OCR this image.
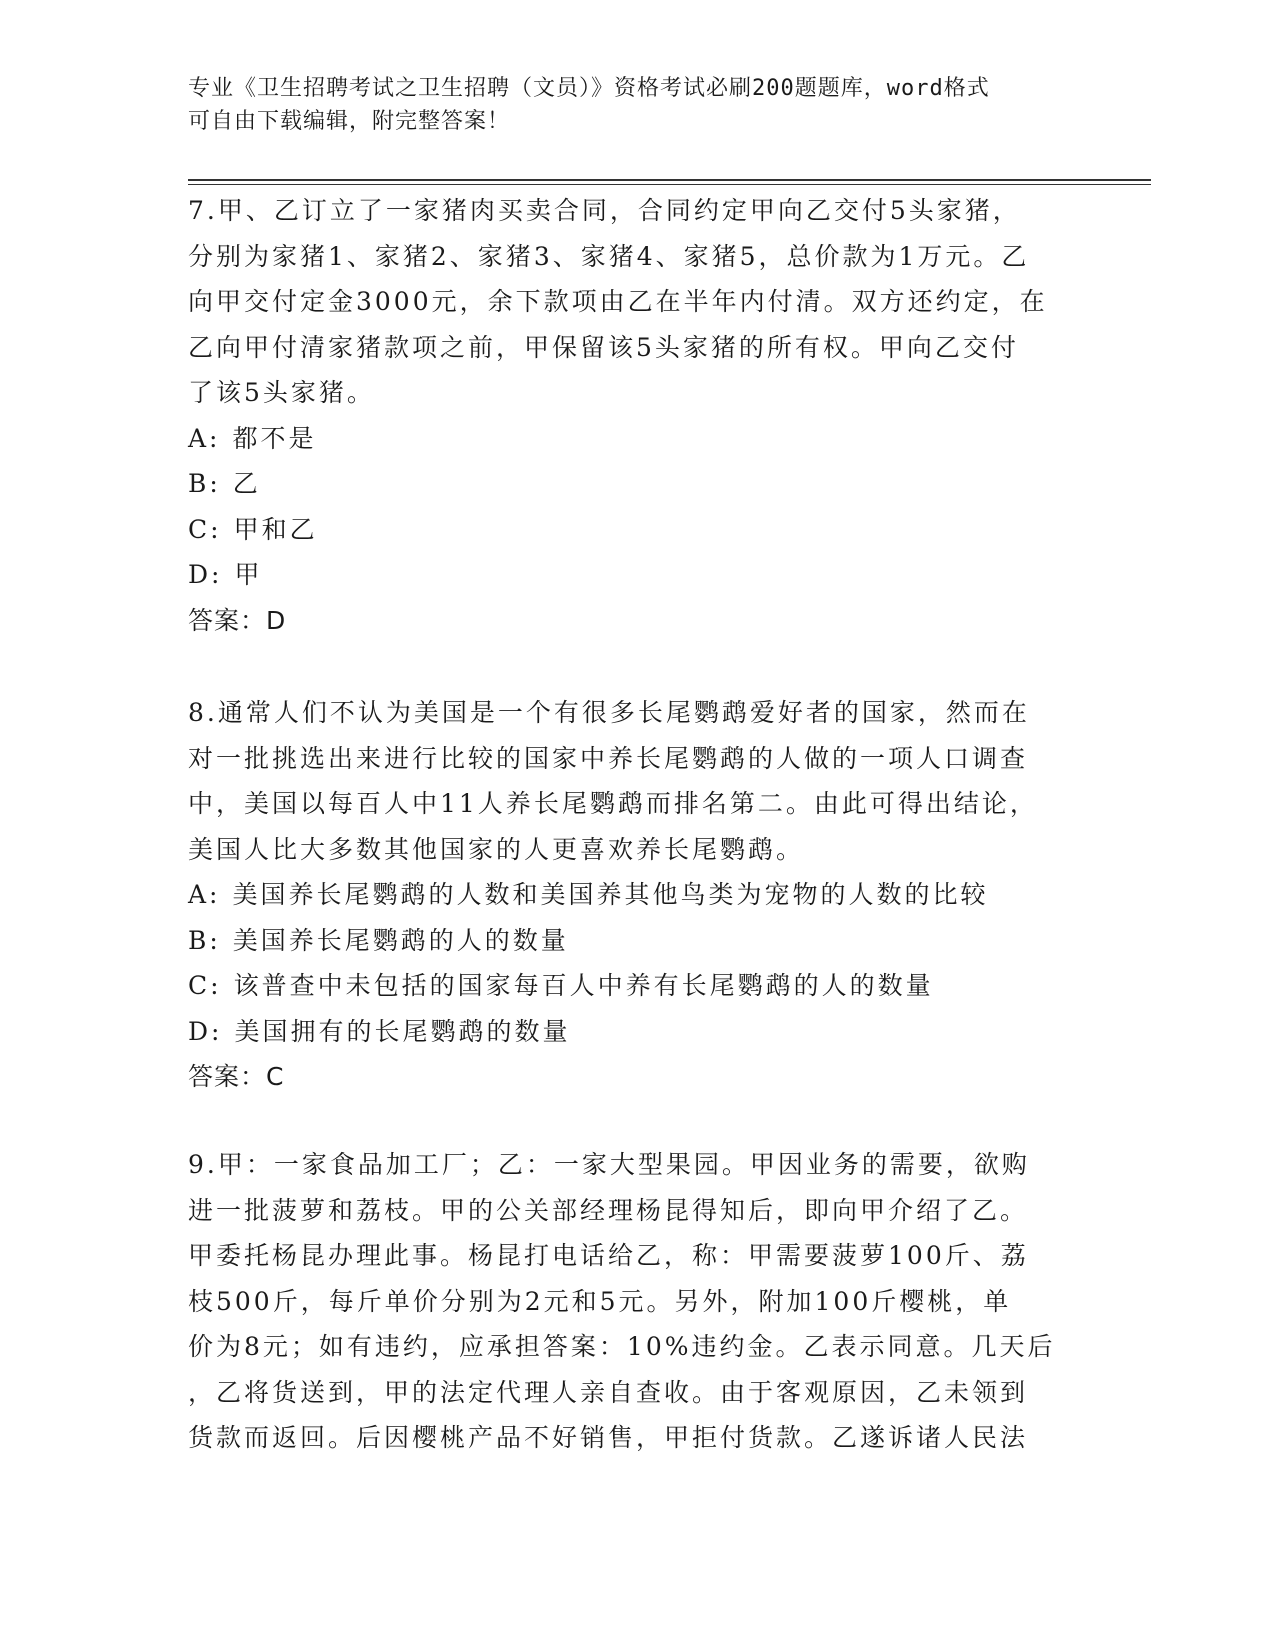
专业《卫生招聘考试之卫生招聘（文员）》资格考试必刷200题题库，word格式
可自由下载编辑，附完整答案！
7.甲、乙订立了一家猪肉买卖合同，合同约定甲向乙交付5头家猪，
分别为家猪1、家猪2、家猪3、家猪4、家猪5，总价款为1万元。乙
向甲交付定金3000元，余下款项由乙在半年内付清。双方还约定，在
乙向甲付清家猪款项之前，甲保留该5头家猪的所有权。甲向乙交付
了该5头家猪。
A: 都不是
B: 乙
C: 甲和乙
D: 甲
答案：D
8.通常人们不认为美国是一个有很多长尾鹦鹉爱好者的国家，然而在
对一批挑选出来进行比较的国家中养长尾鹦鹉的人做的一项人口调查
中，美国以每百人中11人养长尾鹦鹉而排名第二。由此可得出结论，
美国人比大多数其他国家的人更喜欢养长尾鹦鹉。
A: 美国养长尾鹦鹉的人数和美国养其他鸟类为宠物的人数的比较
B: 美国养长尾鹦鹉的人的数量
C: 该普查中未包括的国家每百人中养有长尾鹦鹉的人的数量
D: 美国拥有的长尾鹦鹉的数量
答案：C
9.甲：一家食品加工厂；乙：一家大型果园。甲因业务的需要，欲购
进一批菠萝和荔枝。甲的公关部经理杨昆得知后，即向甲介绍了乙。
甲委托杨昆办理此事。杨昆打电话给乙，称：甲需要菠萝100斤、荔
枝500斤，每斤单价分别为2元和5元。另外，附加100斤樱桃，单
价为8元；如有违约，应承担答案：10%违约金。乙表示同意。几天后
，乙将货送到，甲的法定代理人亲自查收。由于客观原因，乙未领到
货款而返回。后因樱桃产品不好销售，甲拒付货款。乙遂诉诸人民法
